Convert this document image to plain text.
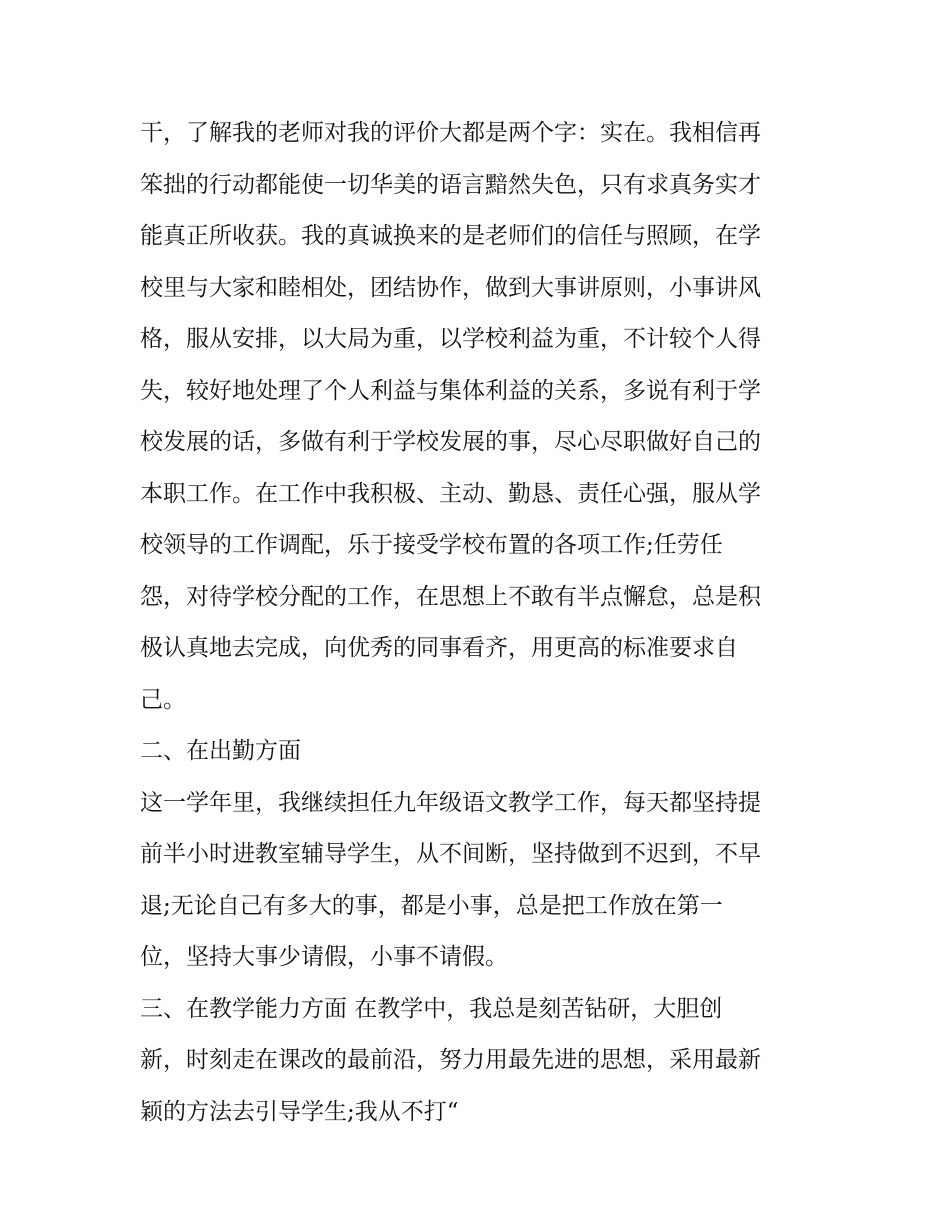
干，了解我的老师对我的评价大都是两个字：实在。我相信再

笨拙的行动都能使一切华美的语言黯然失色，只有求真务实才

能真正所收获。我的真诚换来的是老师们的信任与照顾，在学

校里与大家和睦相处，团结协作，做到大事讲原则，小事讲风

格，服从安排，以大局为重，以学校利益为重，不计较个人得

失，较好地处理了个人利益与集体利益的关系，多说有利于学

校发展的话，多做有利于学校发展的事，尽心尽职做好自己的

本职工作。在工作中我积极、主动、勤恳、责任心强，服从学

校领导的工作调配，乐于接受学校布置的各项工作;任劳任

怨，对待学校分配的工作，在思想上不敢有半点懈怠，总是积

极认真地去完成，向优秀的同事看齐，用更高的标准要求自

己。

二、在出勤方面

这一学年里，我继续担任九年级语文教学工作，每天都坚持提

前半小时进教室辅导学生，从不间断，坚持做到不迟到，不早

退;无论自己有多大的事，都是小事，总是把工作放在第一

位，坚持大事少请假，小事不请假。

三、在教学能力方面 在教学中，我总是刻苦钻研，大胆创

新，时刻走在课改的最前沿，努力用最先进的思想，采用最新

颖的方法去引导学生;我从不打“
